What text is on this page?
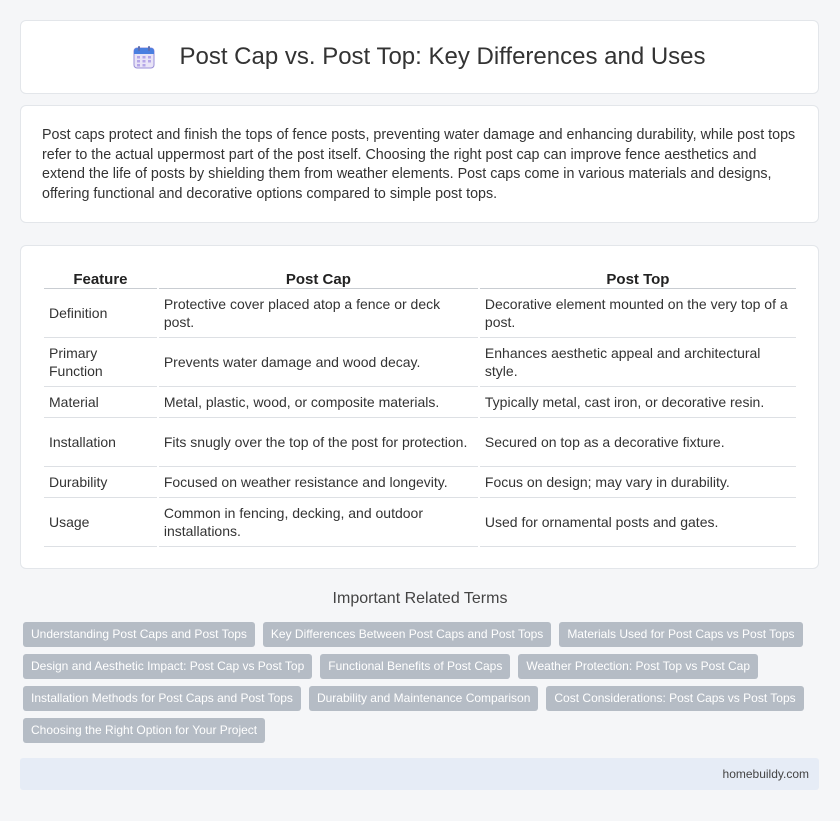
Post Cap vs. Post Top: Key Differences and Uses

Post caps protect and finish the tops of fence posts, preventing water damage and enhancing durability, while post tops refer to the actual uppermost part of the post itself. Choosing the right post cap can improve fence aesthetics and extend the life of posts by shielding them from weather elements. Post caps come in various materials and designs, offering functional and decorative options compared to simple post tops.

Feature	Post Cap	Post Top
Definition	Protective cover placed atop a fence or deck post.	Decorative element mounted on the very top of a post.
Primary Function	Prevents water damage and wood decay.	Enhances aesthetic appeal and architectural style.
Material	Metal, plastic, wood, or composite materials.	Typically metal, cast iron, or decorative resin.
Installation	Fits snugly over the top of the post for protection.	Secured on top as a decorative fixture.
Durability	Focused on weather resistance and longevity.	Focus on design; may vary in durability.
Usage	Common in fencing, decking, and outdoor installations.	Used for ornamental posts and gates.
Important Related Terms
Understanding Post Caps and Post Tops	Key Differences Between Post Caps and Post Tops	Materials Used for Post Caps vs Post Tops
Design and Aesthetic Impact: Post Cap vs Post Top	Functional Benefits of Post Caps	Weather Protection: Post Top vs Post Cap
Installation Methods for Post Caps and Post Tops	Durability and Maintenance Comparison	Cost Considerations: Post Caps vs Post Tops
Choosing the Right Option for Your Project
homebuildy.com
